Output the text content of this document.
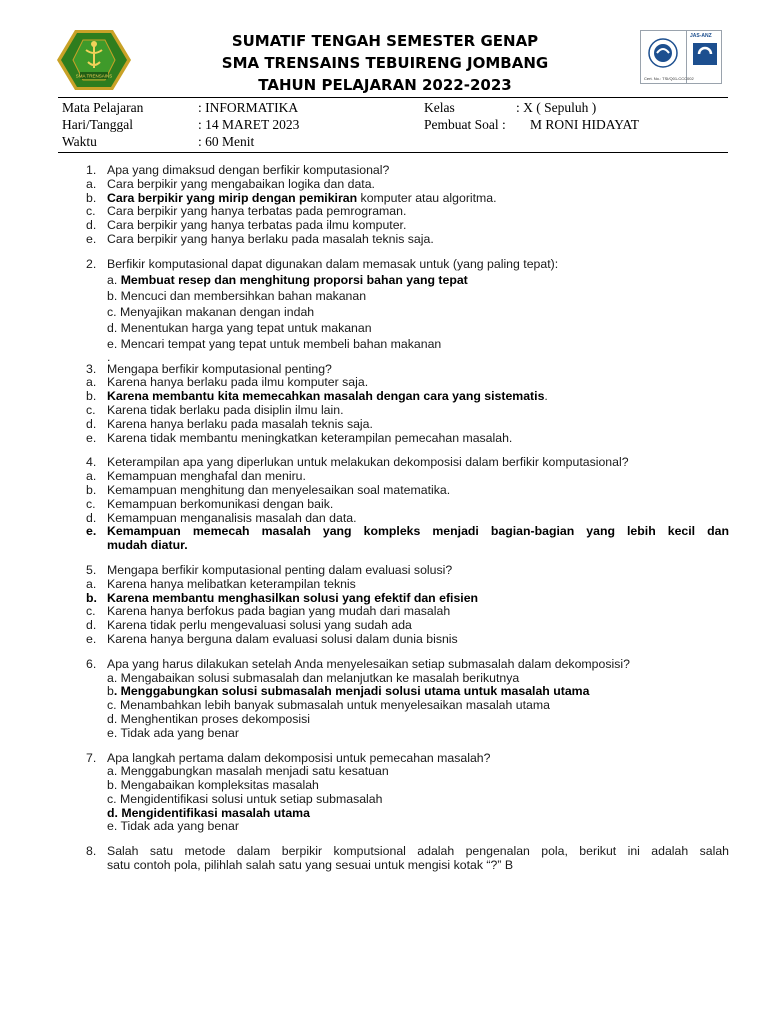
SMA TRENSAINS
JAS-ANZ
Cert. No.: TSI/Q01-CCC002
SUMATIF TENGAH SEMESTER GENAP
SMA TRENSAINS TEBUIRENG JOMBANG
TAHUN PELAJARAN 2022-2023
Mata Pelajaran	: INFORMATIKA	Kelas	: X ( Sepuluh )
Hari/Tanggal	: 14 MARET 2023	Pembuat Soal : M RONI HIDAYAT
Waktu	: 60 Menit
1. Apa yang dimaksud dengan berfikir komputasional?
a. Cara berpikir yang mengabaikan logika dan data.
b. Cara berpikir yang mirip dengan pemikiran komputer atau algoritma.
c. Cara berpikir yang hanya terbatas pada pemrograman.
d. Cara berpikir yang hanya terbatas pada ilmu komputer.
e. Cara berpikir yang hanya berlaku pada masalah teknis saja.
2. Berfikir komputasional dapat digunakan dalam memasak untuk (yang paling tepat):
a. Membuat resep dan menghitung proporsi bahan yang tepat
b. Mencuci dan membersihkan bahan makanan
c. Menyajikan makanan dengan indah
d. Menentukan harga yang tepat untuk makanan
e. Mencari tempat yang tepat untuk membeli bahan makanan
.
3. Mengapa berfikir komputasional penting?
a. Karena hanya berlaku pada ilmu komputer saja.
b. Karena membantu kita memecahkan masalah dengan cara yang sistematis.
c. Karena tidak berlaku pada disiplin ilmu lain.
d. Karena hanya berlaku pada masalah teknis saja.
e. Karena tidak membantu meningkatkan keterampilan pemecahan masalah.
4. Keterampilan apa yang diperlukan untuk melakukan dekomposisi dalam berfikir komputasional?
a. Kemampuan menghafal dan meniru.
b. Kemampuan menghitung dan menyelesaikan soal matematika.
c. Kemampuan berkomunikasi dengan baik.
d. Kemampuan menganalisis masalah dan data.
e. Kemampuan memecah masalah yang kompleks menjadi bagian-bagian yang lebih kecil dan
mudah diatur.
5. Mengapa berfikir komputasional penting dalam evaluasi solusi?
a. Karena hanya melibatkan keterampilan teknis
b. Karena membantu menghasilkan solusi yang efektif dan efisien
c. Karena hanya berfokus pada bagian yang mudah dari masalah
d. Karena tidak perlu mengevaluasi solusi yang sudah ada
e. Karena hanya berguna dalam evaluasi solusi dalam dunia bisnis
6. Apa yang harus dilakukan setelah Anda menyelesaikan setiap submasalah dalam dekomposisi?
a. Mengabaikan solusi submasalah dan melanjutkan ke masalah berikutnya
b. Menggabungkan solusi submasalah menjadi solusi utama untuk masalah utama
c. Menambahkan lebih banyak submasalah untuk menyelesaikan masalah utama
d. Menghentikan proses dekomposisi
e. Tidak ada yang benar
7. Apa langkah pertama dalam dekomposisi untuk pemecahan masalah?
a. Menggabungkan masalah menjadi satu kesatuan
b. Mengabaikan kompleksitas masalah
c. Mengidentifikasi solusi untuk setiap submasalah
d. Mengidentifikasi masalah utama
e. Tidak ada yang benar
8. Salah satu metode dalam berpikir komputsional adalah pengenalan pola, berikut ini adalah salah
satu contoh pola, pilihlah salah satu yang sesuai untuk mengisi kotak “?” B
